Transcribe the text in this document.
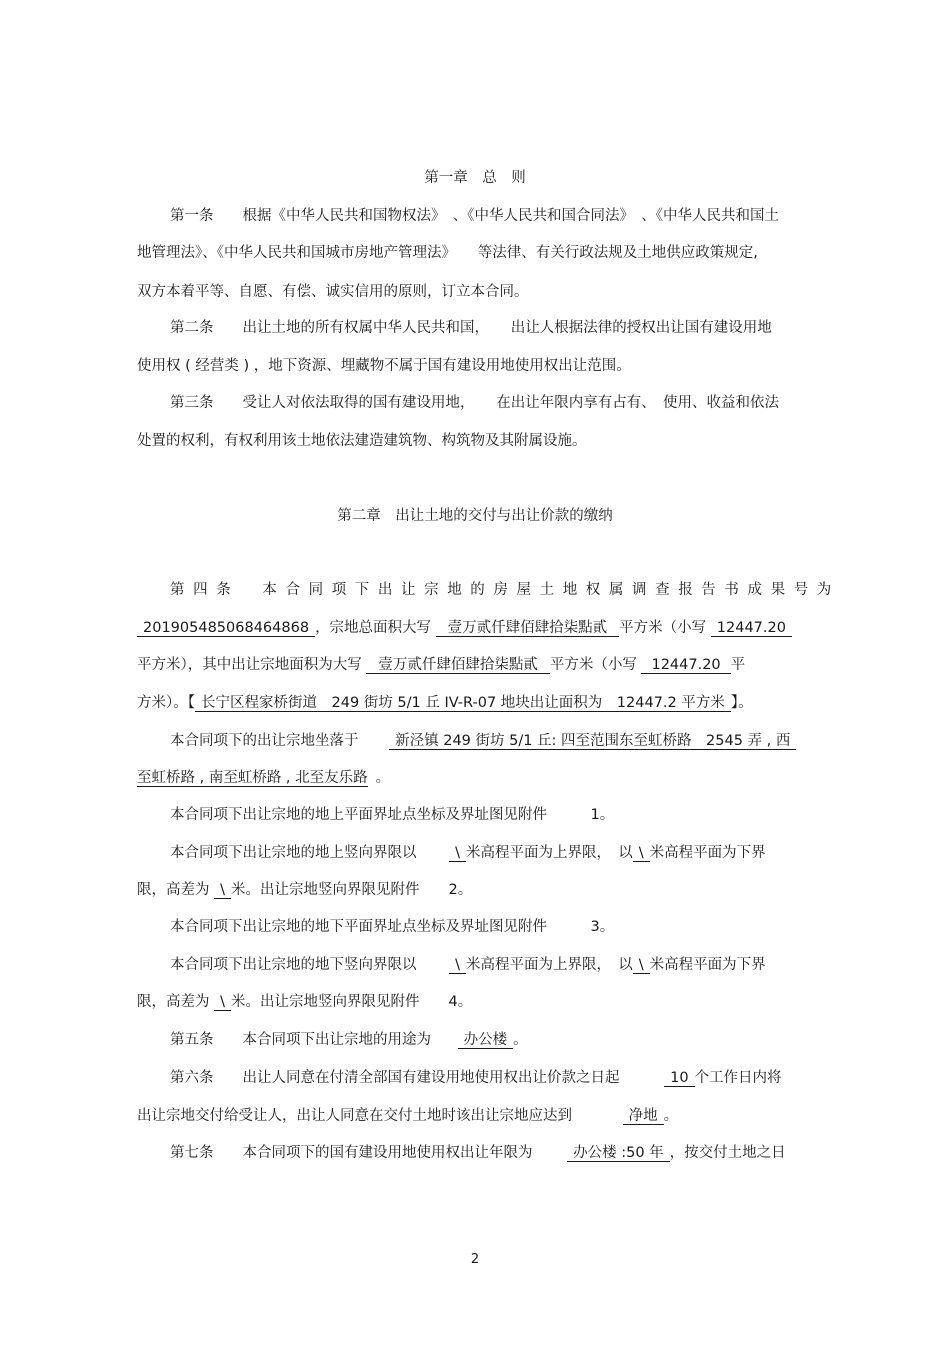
第一章　总　则
第一条　　根据《中华人民共和国物权法》　、《中华人民共和国合同法》　、《中华人民共和国土
地管理法》、《中华人民共和国城市房地产管理法》　　等法律、有关行政法规及土地供应政策规定,
双方本着平等、自愿、有偿、诚实信用的原则，订立本合同。
第二条　　出让土地的所有权属中华人民共和国，　　出让人根据法律的授权出让国有建设用地
使用权 ( 经营类 ) ，地下资源、埋藏物不属于国有建设用地使用权出让范围。
第三条　　受让人对依法取得的国有建设用地，　　在出让年限内享有占有、　使用、收益和依法
处置的权利，有权利用该土地依法建造建筑物、构筑物及其附属设施。
第二章　出让土地的交付与出让价款的缴纳
第四条　本合同项下出让宗地的房屋土地权属调查报告书成果号为
201905485068464868 ，宗地总面积大写 壹万贰仟肆佰肆拾柒點貳 平方米（小写 12447.20
平方米），其中出让宗地面积为大写 壹万贰仟肆佰肆拾柒點貳 平方米（小写 12447.20 平
方米）。【 长宁区程家桥街道　249 街坊 5/1 丘 IV-R-07 地块出让面积为　12447.2 平方米 】。
本合同项下的出让宗地坐落于	新泾镇 249 街坊 5/1 丘: 四至范围东至虹桥路　2545 弄 , 西
至虹桥路 , 南至虹桥路 , 北至友乐路 。
本合同项下出让宗地的地上平面界址点坐标及界址图见附件　　　1。
本合同项下出让宗地的地上竖向界限以	\ 米高程平面为上界限，　以 \ 米高程平面为下界
限，高差为 \ 米。出让宗地竖向界限见附件　　2。
本合同项下出让宗地的地下平面界址点坐标及界址图见附件　　　3。
本合同项下出让宗地的地下竖向界限以	\ 米高程平面为上界限，　以 \ 米高程平面为下界
限，高差为 \ 米。出让宗地竖向界限见附件　　4。
第五条　　本合同项下出让宗地的用途为 办公楼 。
第六条　　出让人同意在付清全部国有建设用地使用权出让价款之日起	10 个工作日内将
出让宗地交付给受让人，出让人同意在交付土地时该出让宗地应达到	净地 。
第七条　　本合同项下的国有建设用地使用权出让年限为	办公楼 :50 年 ，按交付土地之日
2
